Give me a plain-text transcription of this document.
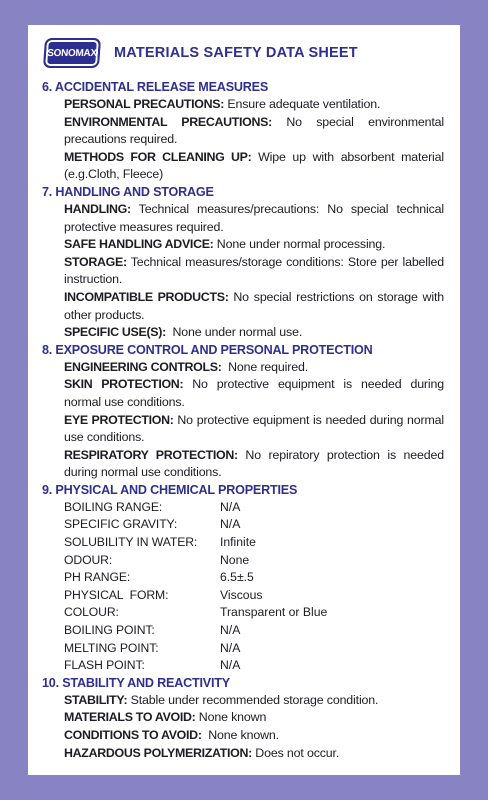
SONOMAX MATERIALS SAFETY DATA SHEET
6. ACCIDENTAL RELEASE MEASURES
PERSONAL PRECAUTIONS: Ensure adequate ventilation.
ENVIRONMENTAL PRECAUTIONS: No special environmental precautions required.
METHODS FOR CLEANING UP: Wipe up with absorbent material (e.g.Cloth, Fleece)
7. HANDLING AND STORAGE
HANDLING: Technical measures/precautions: No special technical protective measures required.
SAFE HANDLING ADVICE: None under normal processing.
STORAGE: Technical measures/storage conditions: Store per labelled instruction.
INCOMPATIBLE PRODUCTS: No special restrictions on storage with other products.
SPECIFIC USE(S):  None under normal use.
8. EXPOSURE CONTROL AND PERSONAL PROTECTION
ENGINEERING CONTROLS:  None required.
SKIN PROTECTION: No protective equipment is needed during normal use conditions.
EYE PROTECTION: No protective equipment is needed during normal use conditions.
RESPIRATORY PROTECTION: No repiratory protection is needed during normal use conditions.
9. PHYSICAL AND CHEMICAL PROPERTIES
BOILING RANGE:	N/A
SPECIFIC GRAVITY:	N/A
SOLUBILITY IN WATER:	Infinite
ODOUR:	None
PH RANGE:	6.5±.5
PHYSICAL  FORM:	Viscous
COLOUR:	Transparent or Blue
BOILING POINT:	N/A
MELTING POINT:	N/A
FLASH POINT:	N/A
10. STABILITY AND REACTIVITY
STABILITY: Stable under recommended storage condition.
MATERIALS TO AVOID: None known
CONDITIONS TO AVOID:  None known.
HAZARDOUS POLYMERIZATION: Does not occur.
